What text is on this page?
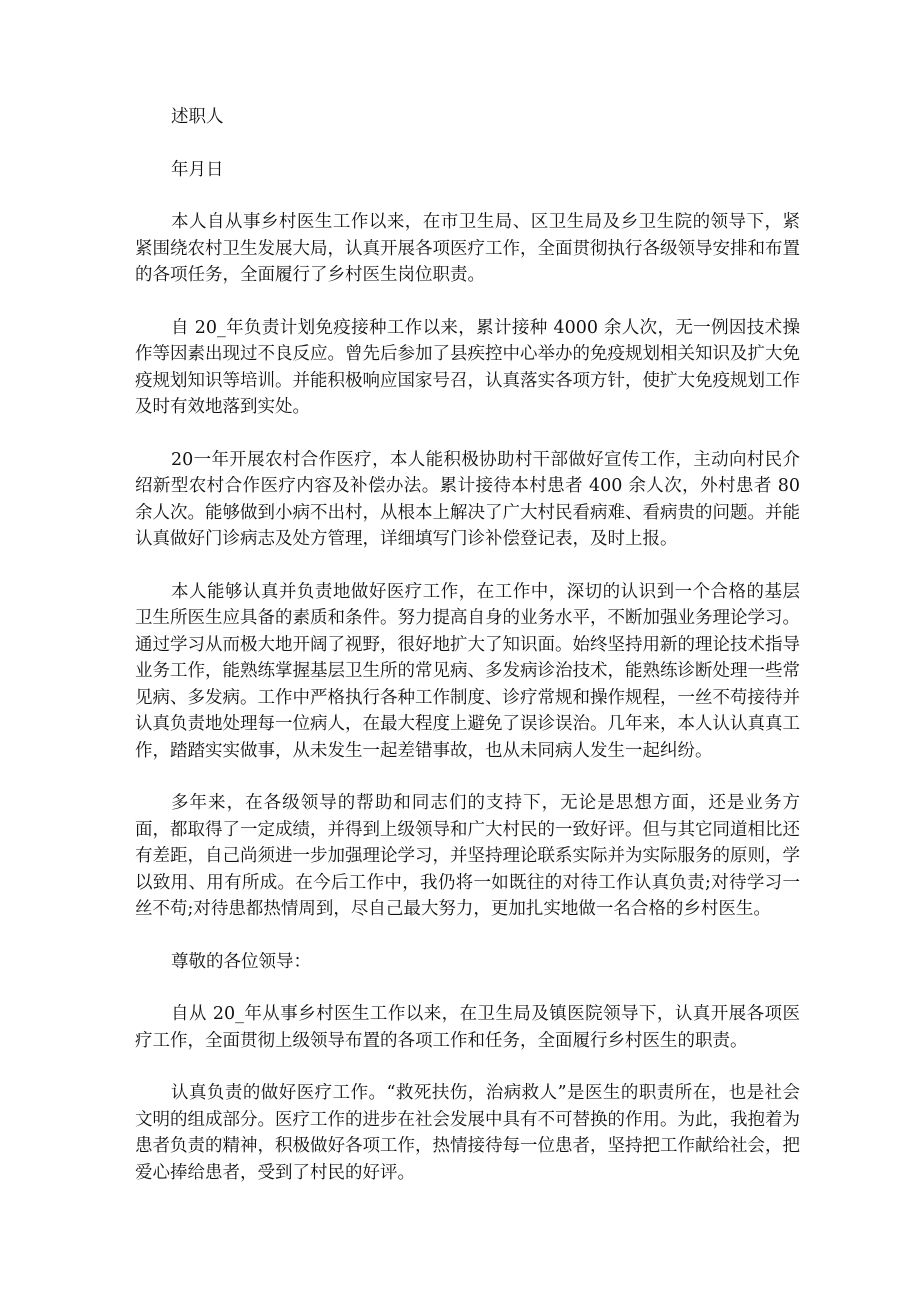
述职人

年月日

本人自从事乡村医生工作以来，在市卫生局、区卫生局及乡卫生院的领导下，紧紧围绕农村卫生发展大局，认真开展各项医疗工作，全面贯彻执行各级领导安排和布置的各项任务，全面履行了乡村医生岗位职责。

自 20_年负责计划免疫接种工作以来，累计接种 4000 余人次，无一例因技术操作等因素出现过不良反应。曾先后参加了县疾控中心举办的免疫规划相关知识及扩大免疫规划知识等培训。并能积极响应国家号召，认真落实各项方针，使扩大免疫规划工作及时有效地落到实处。

20一年开展农村合作医疗，本人能积极协助村干部做好宣传工作，主动向村民介绍新型农村合作医疗内容及补偿办法。累计接待本村患者 400 余人次，外村患者 80 余人次。能够做到小病不出村，从根本上解决了广大村民看病难、看病贵的问题。并能认真做好门诊病志及处方管理，详细填写门诊补偿登记表，及时上报。

本人能够认真并负责地做好医疗工作，在工作中，深切的认识到一个合格的基层卫生所医生应具备的素质和条件。努力提高自身的业务水平，不断加强业务理论学习。通过学习从而极大地开阔了视野，很好地扩大了知识面。始终坚持用新的理论技术指导业务工作，能熟练掌握基层卫生所的常见病、多发病诊治技术，能熟练诊断处理一些常见病、多发病。工作中严格执行各种工作制度、诊疗常规和操作规程，一丝不苟接待并认真负责地处理每一位病人，在最大程度上避免了误诊误治。几年来，本人认认真真工作，踏踏实实做事，从未发生一起差错事故，也从未同病人发生一起纠纷。

多年来，在各级领导的帮助和同志们的支持下，无论是思想方面，还是业务方面，都取得了一定成绩，并得到上级领导和广大村民的一致好评。但与其它同道相比还有差距，自己尚须进一步加强理论学习，并坚持理论联系实际并为实际服务的原则，学以致用、用有所成。在今后工作中，我仍将一如既往的对待工作认真负责;对待学习一丝不苟;对待患都热情周到，尽自己最大努力，更加扎实地做一名合格的乡村医生。

尊敬的各位领导：

自从 20_年从事乡村医生工作以来，在卫生局及镇医院领导下，认真开展各项医疗工作，全面贯彻上级领导布置的各项工作和任务，全面履行乡村医生的职责。

认真负责的做好医疗工作。“救死扶伤，治病救人”是医生的职责所在，也是社会文明的组成部分。医疗工作的进步在社会发展中具有不可替换的作用。为此，我抱着为患者负责的精神，积极做好各项工作，热情接待每一位患者，坚持把工作献给社会，把爱心捧给患者，受到了村民的好评。
